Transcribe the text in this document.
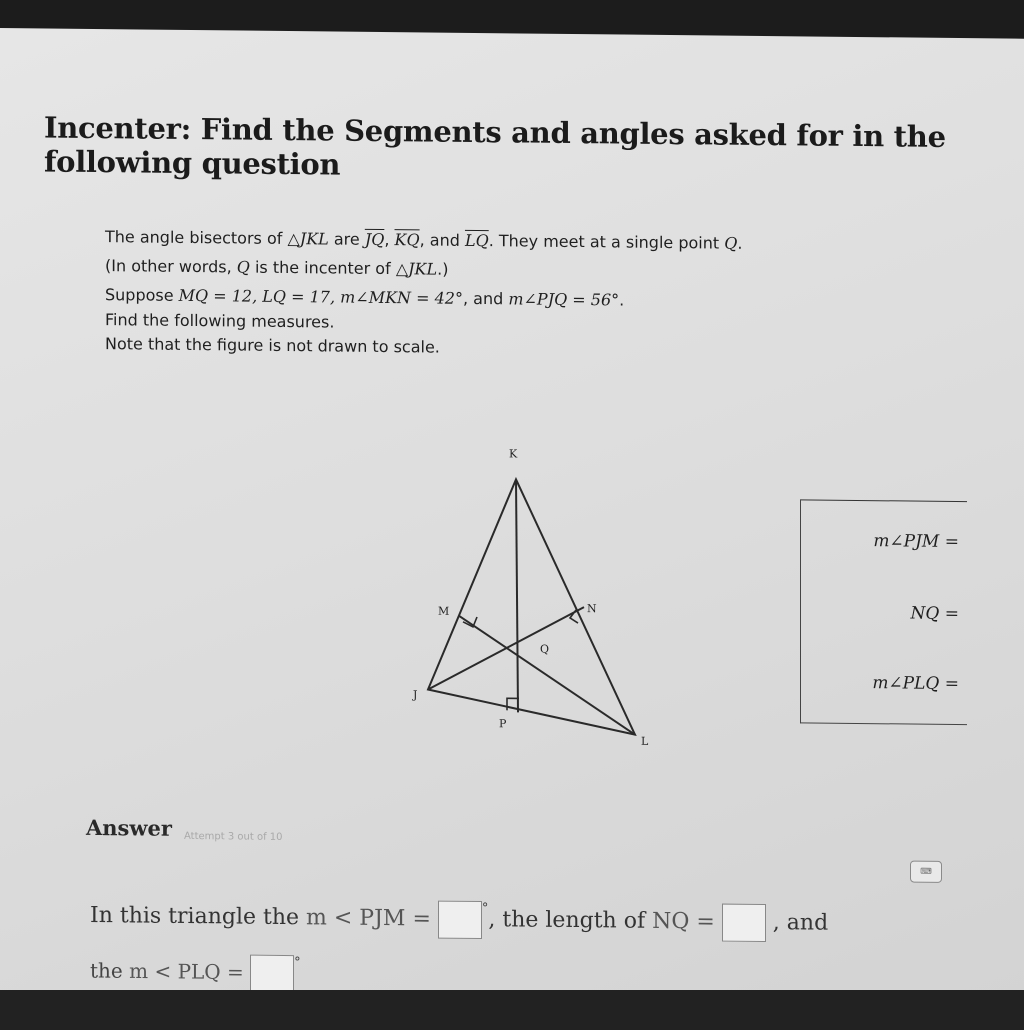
Incenter: Find the Segments and angles asked for in the following question
The angle bisectors of △JKL are $\overline{JQ}$, $\overline{KQ}$, and $\overline{LQ}$. They meet at a single point Q.
(In other words, Q is the incenter of △JKL.)
Suppose MQ = 12, LQ = 17, m∠MKN = 42°, and m∠PJQ = 56°.
Find the following measures.
Note that the figure is not drawn to scale.
K
M	N
Q
J
P
L
m∠PJM =
NQ =
m∠PLQ =
Answer Attempt 3 out of 10
⌨
In this triangle the m < PJM =	°, the length of NQ =	, and
the m < PLQ =	°
